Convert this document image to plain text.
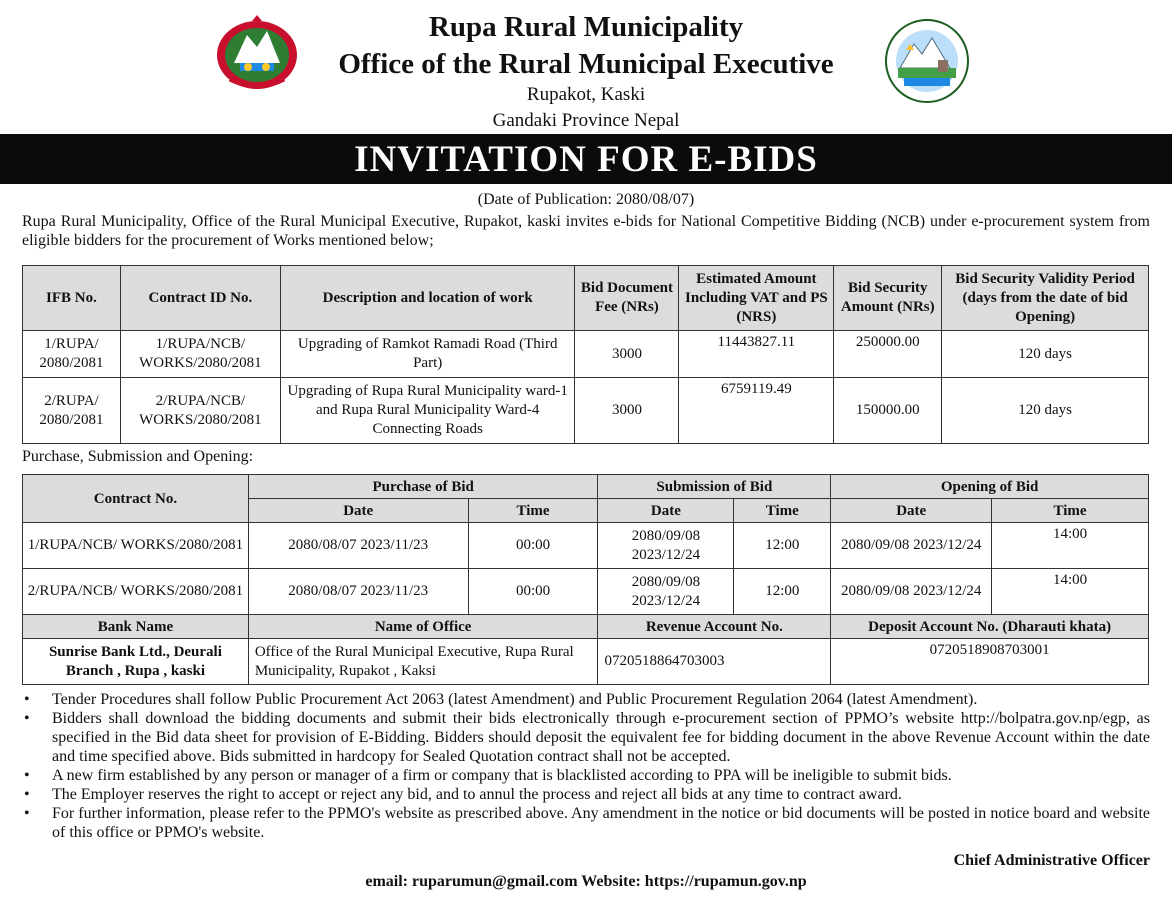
Rupa Rural Municipality
Office of the Rural Municipal Executive
Rupakot, Kaski
Gandaki Province Nepal
INVITATION FOR E-BIDS
(Date of Publication: 2080/08/07)
Rupa Rural Municipality, Office of the Rural Municipal Executive, Rupakot, kaski invites e-bids for National Competitive Bidding (NCB) under e-procurement system from eligible bidders for the procurement of Works mentioned below;
IFB No.	Contract ID No.	Description and location of work	Bid Document Fee (NRs)	Estimated Amount Including VAT and PS (NRS)	Bid Security Amount (NRs)	Bid Security Validity Period (days from the date of bid Opening)
1/RUPA/ 2080/2081	1/RUPA/NCB/ WORKS/2080/2081	Upgrading of Ramkot Ramadi Road (Third Part)	3000	11443827.11	250000.00	120 days
2/RUPA/ 2080/2081	2/RUPA/NCB/ WORKS/2080/2081	Upgrading of Rupa Rural Municipality ward-1 and Rupa Rural Municipality Ward-4 Connecting Roads	3000	6759119.49	150000.00	120 days
Purchase, Submission and Opening:
Contract No.	Purchase of Bid		Submission of Bid		Opening of Bid	
	Date	Time	Date	Time	Date	Time
1/RUPA/NCB/ WORKS/2080/2081	2080/08/07 2023/11/23	00:00	2080/09/08 2023/12/24	12:00	2080/09/08 2023/12/24	14:00
2/RUPA/NCB/ WORKS/2080/2081	2080/08/07 2023/11/23	00:00	2080/09/08 2023/12/24	12:00	2080/09/08 2023/12/24	14:00
Bank Name	Name of Office		Revenue Account No.		Deposit Account No. (Dharauti khata)	
Sunrise Bank Ltd., Deurali Branch , Rupa , kaski	Office of the Rural Municipal Executive, Rupa Rural Municipality, Rupakot , Kaksi		0720518864703003		0720518908703001	
• Tender Procedures shall follow Public Procurement Act 2063 (latest Amendment) and Public Procurement Regulation 2064 (latest Amendment).
• Bidders shall download the bidding documents and submit their bids electronically through e-procurement section of PPMO’s website http://bolpatra.gov.np/egp, as specified in the Bid data sheet for provision of E-Bidding. Bidders should deposit the equivalent fee for bidding document in the above Revenue Account within the date and time specified above. Bids submitted in hardcopy for Sealed Quotation contract shall not be accepted.
• A new firm established by any person or manager of a firm or company that is blacklisted according to PPA will be ineligible to submit bids.
• The Employer reserves the right to accept or reject any bid, and to annul the process and reject all bids at any time to contract award.
• For further information, please refer to the PPMO's website as prescribed above. Any amendment in the notice or bid documents will be posted in notice board and website of this office or PPMO's website.
Chief Administrative Officer
email: ruparumun@gmail.com Website: https://rupamun.gov.np
